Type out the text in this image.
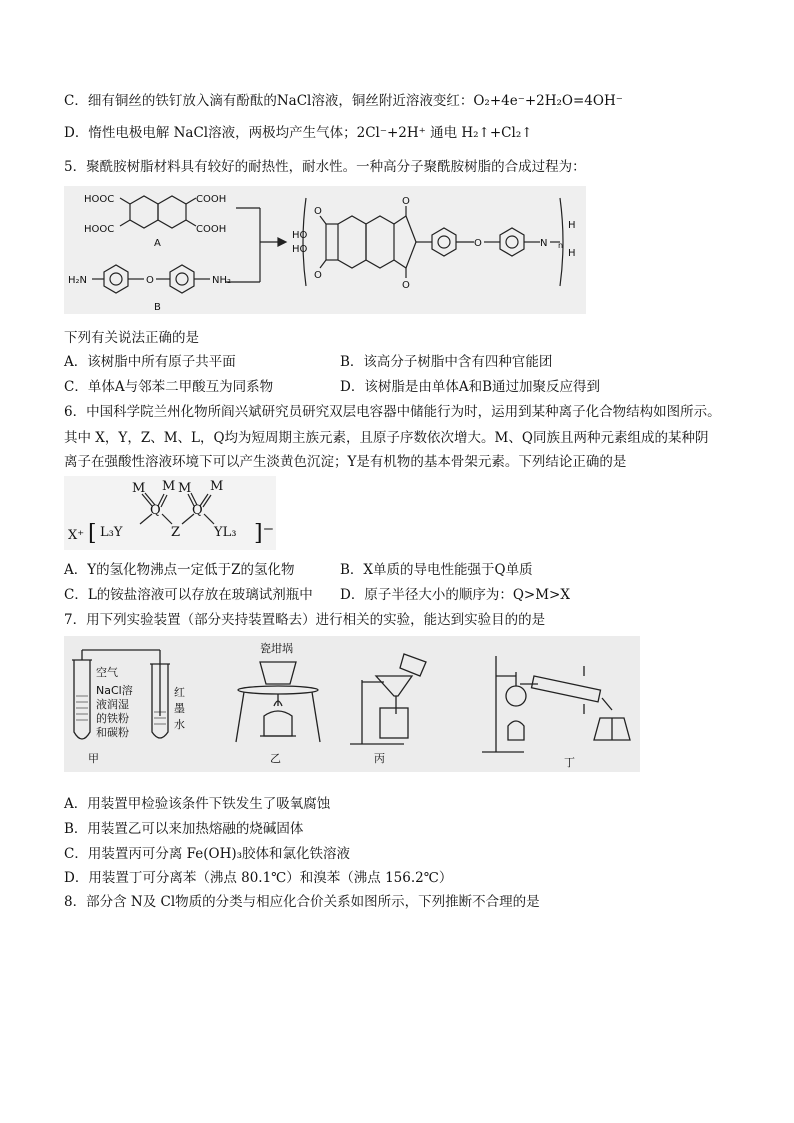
C．细有铜丝的铁钉放入滴有酚酞的NaCl溶液，铜丝附近溶液变红：O₂+4e⁻+2H₂O=4OH⁻
D．惰性电极电解 NaCl溶液，两极均产生气体；2Cl⁻+2H⁺ 通电 H₂↑+Cl₂↑
5．聚酰胺树脂材料具有较好的耐热性，耐水性。一种高分子聚酰胺树脂的合成过程为：
HOOC	COOH
HOOC	COOH
A
H₂N	O	NH₂
B
HO
HO
O	N
H
H
n
O
O
O
O
下列有关说法正确的是
A．该树脂中所有原子共平面	B．该高分子树脂中含有四种官能团
C．单体A与邻苯二甲酸互为同系物	D．该树脂是由单体A和B通过加聚反应得到
6．中国科学院兰州化物所阎兴斌研究员研究双层电容器中储能行为时，运用到某种离子化合物结构如图所示。
其中 X，Y，Z、M、L，Q均为短周期主族元素，且原子序数依次增大。M、Q同族且两种元素组成的某种阴
离子在强酸性溶液环境下可以产生淡黄色沉淀；Y是有机物的基本骨架元素。下列结论正确的是
X⁺ [ L₃Y
Q
Z
Q
YL₃ ]⁻
M M M M
A．Y的氢化物沸点一定低于Z的氢化物	B．X单质的导电性能强于Q单质
C．L的铵盐溶液可以存放在玻璃试剂瓶中 D．原子半径大小的顺序为：Q>M>X
7．用下列实验装置（部分夹持装置略去）进行相关的实验，能达到实验目的的是
空气
NaCl溶
液润湿
的铁粉
和碳粉
红
墨
水
瓷坩埚
甲	乙	丙	丁
A．用装置甲检验该条件下铁发生了吸氧腐蚀
B．用装置乙可以来加热熔融的烧碱固体
C．用装置丙可分离 Fe(OH)₃胶体和氯化铁溶液
D．用装置丁可分离苯（沸点 80.1℃）和溴苯（沸点 156.2℃）
8．部分含 N及 Cl物质的分类与相应化合价关系如图所示，下列推断不合理的是
